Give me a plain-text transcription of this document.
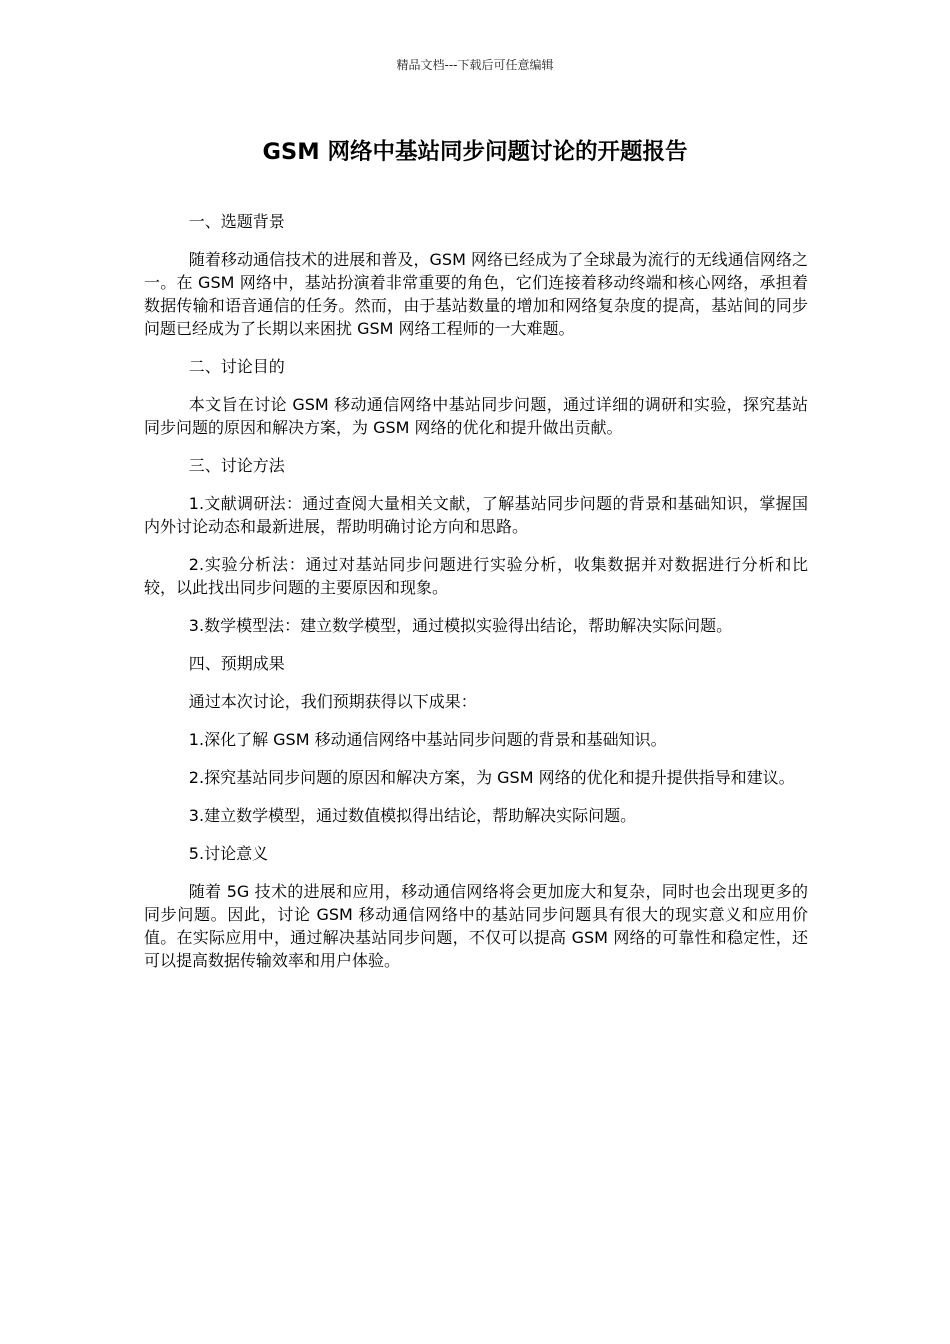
精品文档---下载后可任意编辑
GSM 网络中基站同步问题讨论的开题报告

一、选题背景

随着移动通信技术的进展和普及，GSM 网络已经成为了全球最为流行的无线通信网络之一。在 GSM 网络中，基站扮演着非常重要的角色，它们连接着移动终端和核心网络，承担着数据传输和语音通信的任务。然而，由于基站数量的增加和网络复杂度的提高，基站间的同步问题已经成为了长期以来困扰 GSM 网络工程师的一大难题。

二、讨论目的

本文旨在讨论 GSM 移动通信网络中基站同步问题，通过详细的调研和实验，探究基站同步问题的原因和解决方案，为 GSM 网络的优化和提升做出贡献。

三、讨论方法

1.文献调研法：通过查阅大量相关文献，了解基站同步问题的背景和基础知识，掌握国内外讨论动态和最新进展，帮助明确讨论方向和思路。

2.实验分析法：通过对基站同步问题进行实验分析，收集数据并对数据进行分析和比较，以此找出同步问题的主要原因和现象。

3.数学模型法：建立数学模型，通过模拟实验得出结论，帮助解决实际问题。

四、预期成果

通过本次讨论，我们预期获得以下成果：

1.深化了解 GSM 移动通信网络中基站同步问题的背景和基础知识。

2.探究基站同步问题的原因和解决方案，为 GSM 网络的优化和提升提供指导和建议。

3.建立数学模型，通过数值模拟得出结论，帮助解决实际问题。

5.讨论意义

随着 5G 技术的进展和应用，移动通信网络将会更加庞大和复杂，同时也会出现更多的同步问题。因此，讨论 GSM 移动通信网络中的基站同步问题具有很大的现实意义和应用价值。在实际应用中，通过解决基站同步问题，不仅可以提高 GSM 网络的可靠性和稳定性，还可以提高数据传输效率和用户体验。
